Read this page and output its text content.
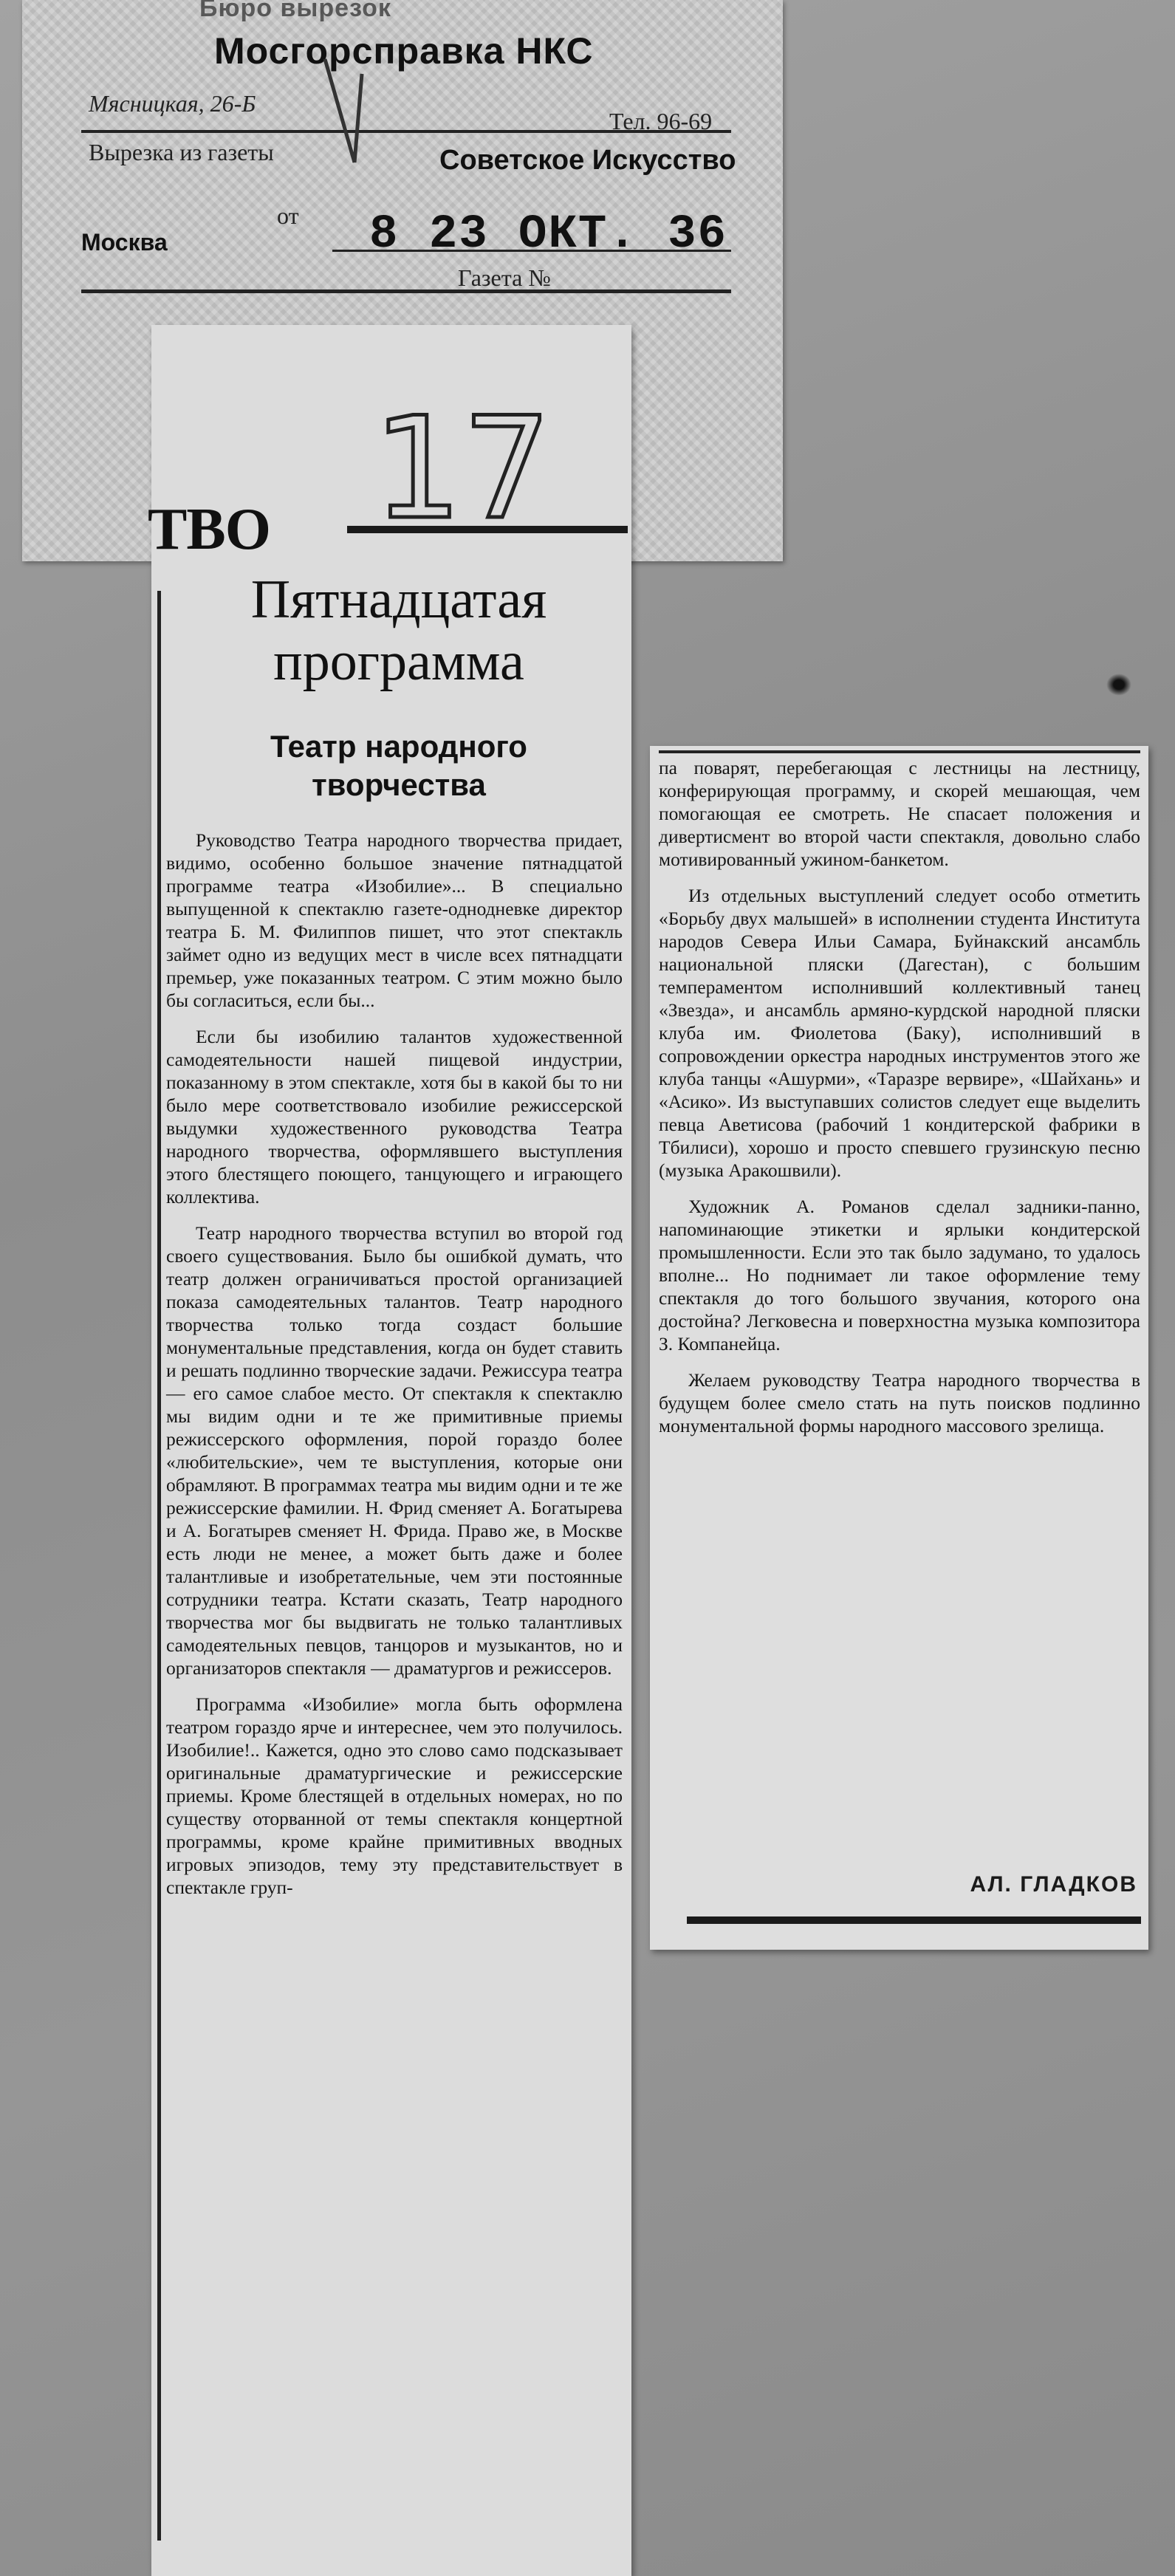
Бюро вырезок
Мосгорсправка НКС
Мясницкая, 26-Б
Тел. 96-69
Вырезка из газеты	Советское Искусство
от 8 23 ОКТ. 36
Москва
Газета №
ТВО 17
Пятнадцатая
программа
Театр народного
творчества

Руководство Театра народного творчества придает, видимо, особенно большое значение пятнадцатой программе театра «Изобилие»... В специально выпущенной к спектаклю газете-однодневке директор театра Б. М. Филиппов пишет, что этот спектакль займет одно из ведущих мест в числе всех пятнадцати премьер, уже показанных театром. С этим можно было бы согласиться, если бы...

Если бы изобилию талантов художественной самодеятельности нашей пищевой индустрии, показанному в этом спектакле, хотя бы в какой бы то ни было мере соответствовало изобилие режиссерской выдумки художественного руководства Театра народного творчества, оформлявшего выступления этого блестящего поющего, танцующего и играющего коллектива.

Театр народного творчества вступил во второй год своего существования. Было бы ошибкой думать, что театр должен ограничиваться простой организацией показа самодеятельных талантов. Театр народного творчества только тогда создаст большие монументальные представления, когда он будет ставить и решать подлинно творческие задачи. Режиссура театра — его самое слабое место. От спектакля к спектаклю мы видим одни и те же примитивные приемы режиссерского оформления, порой гораздо более «любительские», чем те выступления, которые они обрамляют. В программах театра мы видим одни и те же режиссерские фамилии. Н. Фрид сменяет А. Богатырева и А. Богатырев сменяет Н. Фрида. Право же, в Москве есть люди не менее, а может быть даже и более талантливые и изобретательные, чем эти постоянные сотрудники театра. Кстати сказать, Театр народного творчества мог бы выдвигать не только талантливых самодеятельных певцов, танцоров и музыкантов, но и организаторов спектакля — драматургов и режиссеров.

Программа «Изобилие» могла быть оформлена театром гораздо ярче и интереснее, чем это получилось. Изобилие!.. Кажется, одно это слово само подсказывает оригинальные драматургические и режиссерские приемы. Кроме блестящей в отдельных номерах, но по существу оторванной от темы спектакля концертной программы, кроме крайне примитивных вводных игровых эпизодов, тему эту представительствует в спектакле груп-

па поварят, перебегающая с лестницы на лестницу, конферирующая программу, и скорей мешающая, чем помогающая ее смотреть. Не спасает положения и дивертисмент во второй части спектакля, довольно слабо мотивированный ужином-банкетом.

Из отдельных выступлений следует особо отметить «Борьбу двух малышей» в исполнении студента Института народов Севера Ильи Самара, Буйнакский ансамбль национальной пляски (Дагестан), с большим темпераментом исполнивший коллективный танец «Звезда», и ансамбль армяно-курдской народной пляски клуба им. Фиолетова (Баку), исполнивший в сопровождении оркестра народных инструментов этого же клуба танцы «Ашурми», «Таразре вервире», «Шайхань» и «Асико». Из выступавших солистов следует еще выделить певца Аветисова (рабочий 1 кондитерской фабрики в Тбилиси), хорошо и просто спевшего грузинскую песню (музыка Аракошвили).

Художник А. Романов сделал задники-панно, напоминающие этикетки и ярлыки кондитерской промышленности. Если это так было задумано, то удалось вполне... Но поднимает ли такое оформление тему спектакля до того большого звучания, которого она достойна? Легковесна и поверхностна музыка композитора З. Компанейца.

Желаем руководству Театра народного творчества в будущем более смело стать на путь поисков подлинно монументальной формы народного массового зрелища.

АЛ. ГЛАДКОВ
